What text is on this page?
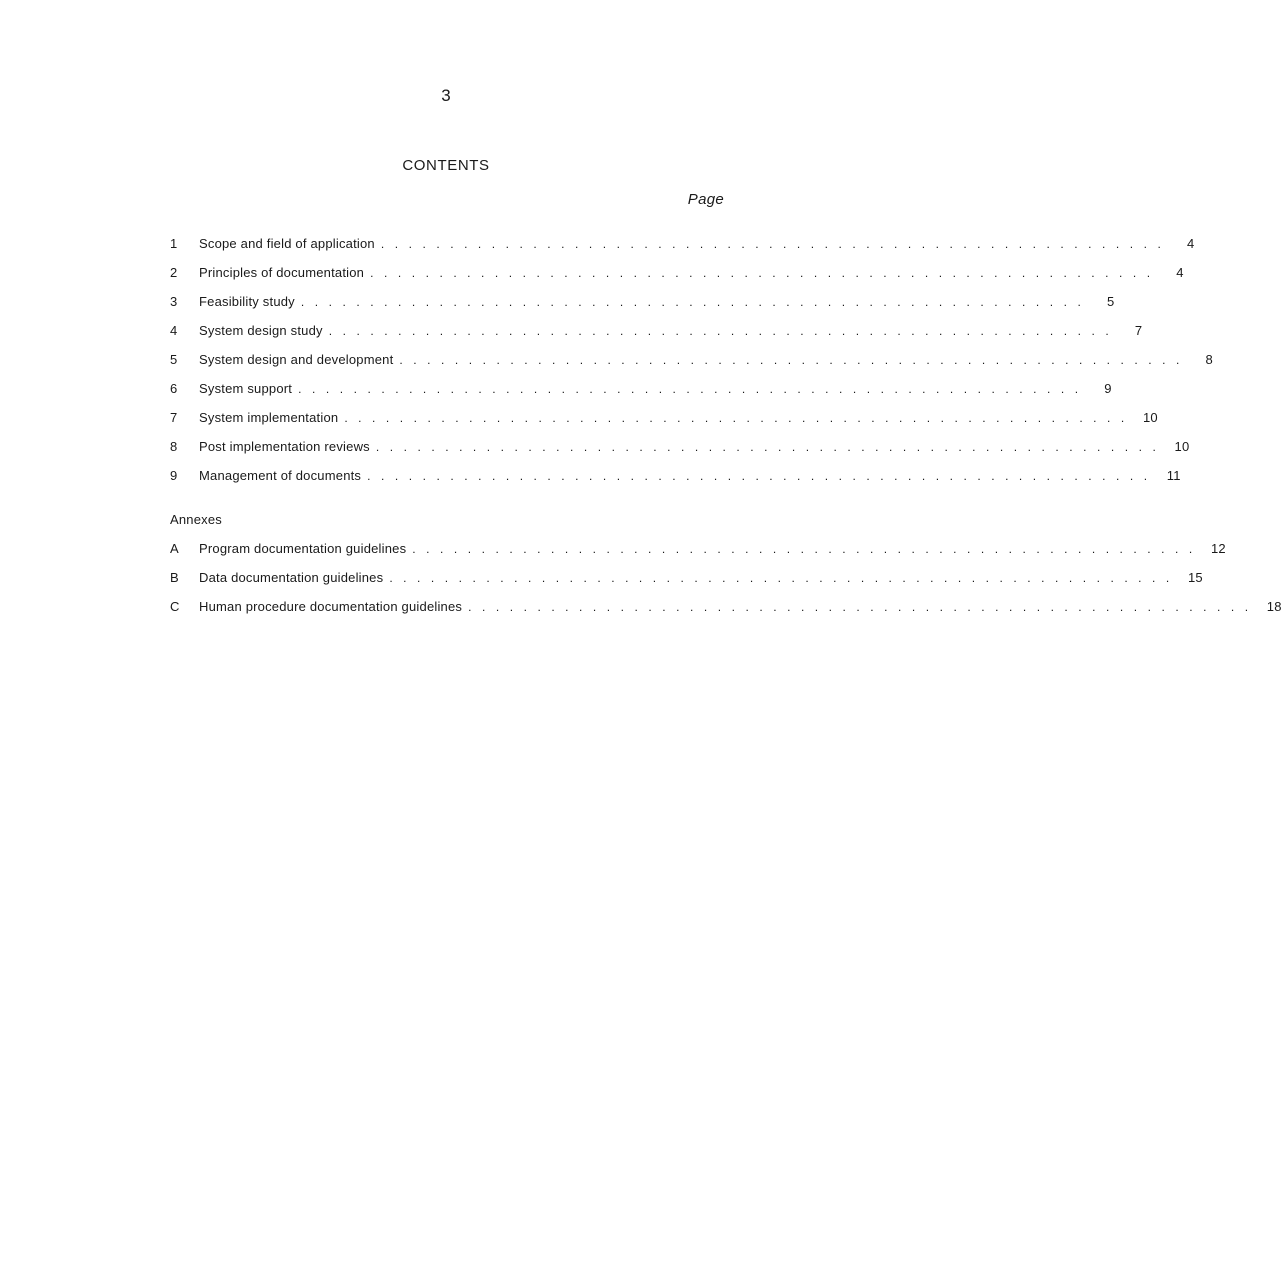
3
CONTENTS
Page
1	Scope and field of application . . . . . . . . . . . . . . . . . . . . . . . . . . . . . . . . . . . . . . . . . . . . . . . . . . . . . . . . .	4
2	Principles of documentation . . . . . . . . . . . . . . . . . . . . . . . . . . . . . . . . . . . . . . . . . . . . . . . . . . . . . . . . .	4
3	Feasibility study . . . . . . . . . . . . . . . . . . . . . . . . . . . . . . . . . . . . . . . . . . . . . . . . . . . . . . . . .	5
4	System design study . . . . . . . . . . . . . . . . . . . . . . . . . . . . . . . . . . . . . . . . . . . . . . . . . . . . . . . . .	7
5	System design and development . . . . . . . . . . . . . . . . . . . . . . . . . . . . . . . . . . . . . . . . . . . . . . . . . . . . . . . . .	8
6	System support . . . . . . . . . . . . . . . . . . . . . . . . . . . . . . . . . . . . . . . . . . . . . . . . . . . . . . . . .	9
7	System implementation . . . . . . . . . . . . . . . . . . . . . . . . . . . . . . . . . . . . . . . . . . . . . . . . . . . . . . . . .	10
8	Post implementation reviews . . . . . . . . . . . . . . . . . . . . . . . . . . . . . . . . . . . . . . . . . . . . . . . . . . . . . . . . .	10
9	Management of documents . . . . . . . . . . . . . . . . . . . . . . . . . . . . . . . . . . . . . . . . . . . . . . . . . . . . . . . . .	11
Annexes
A	Program documentation guidelines . . . . . . . . . . . . . . . . . . . . . . . . . . . . . . . . . . . . . . . . . . . . . . . . . . . . . . . . .	12
B	Data documentation guidelines . . . . . . . . . . . . . . . . . . . . . . . . . . . . . . . . . . . . . . . . . . . . . . . . . . . . . . . . .	15
C	Human procedure documentation guidelines . . . . . . . . . . . . . . . . . . . . . . . . . . . . . . . . . . . . . . . . . . . . . . . . . . . . . . . . .	18
